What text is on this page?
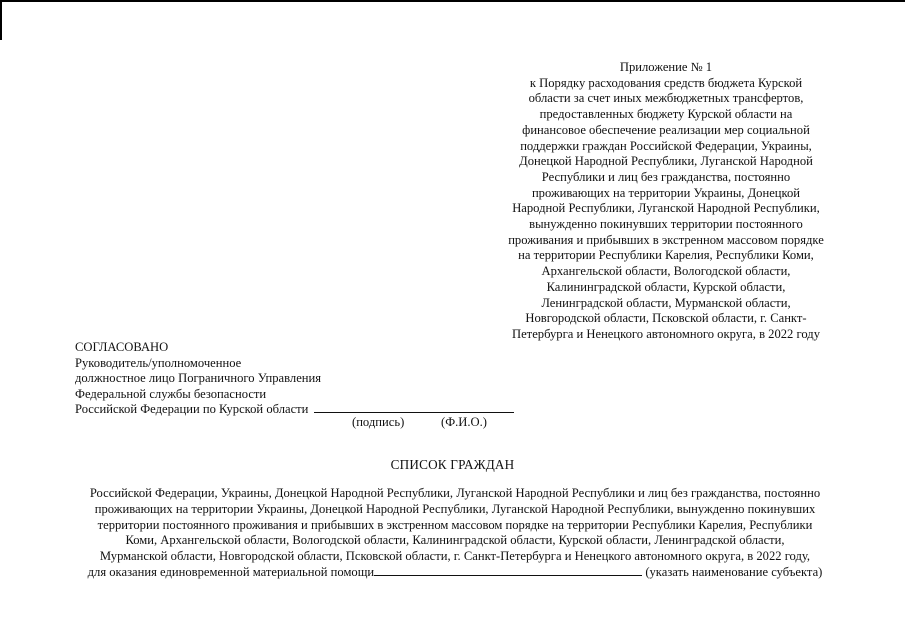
Приложение № 1
к Порядку расходования средств бюджета Курской
области за счет иных межбюджетных трансфертов,
предоставленных бюджету Курской области на
финансовое обеспечение реализации мер социальной
поддержки граждан Российской Федерации, Украины,
Донецкой Народной Республики, Луганской Народной
Республики и лиц без гражданства, постоянно
проживающих на территории Украины, Донецкой
Народной Республики, Луганской Народной Республики,
вынужденно покинувших территории постоянного
проживания и прибывших в экстренном массовом порядке
на территории Республики Карелия, Республики Коми,
Архангельской области, Вологодской области,
Калининградской области, Курской области,
Ленинградской области, Мурманской области,
Новгородской области, Псковской области, г. Санкт-
Петербурга и Ненецкого автономного округа, в 2022 году
СОГЛАСОВАНО
Руководитель/уполномоченное
должностное лицо Пограничного Управления
Федеральной службы безопасности
Российской Федерации по Курской области
(подпись)	(Ф.И.О.)
СПИСОК ГРАЖДАН
Российской Федерации, Украины, Донецкой Народной Республики, Луганской Народной Республики и лиц без гражданства, постоянно
проживающих на территории Украины, Донецкой Народной Республики, Луганской Народной Республики, вынужденно покинувших
территории постоянного проживания и прибывших в экстренном массовом порядке на территории Республики Карелия, Республики
Коми, Архангельской области, Вологодской области, Калининградской области, Курской области, Ленинградской области,
Мурманской области, Новгородской области, Псковской области, г. Санкт-Петербурга и Ненецкого автономного округа, в 2022 году,
для оказания единовременной материальной помощи	(указать наименование субъекта)
